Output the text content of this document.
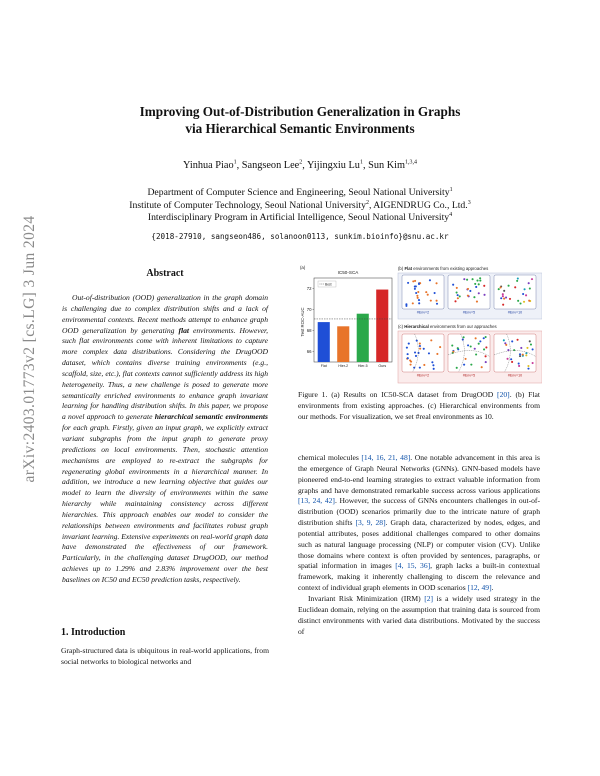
arXiv:2403.01773v2 [cs.LG] 3 Jun 2024
Improving Out-of-Distribution Generalization in Graphs
via Hierarchical Semantic Environments
Yinhua Piao$^1$, Sangseon Lee$^2$, Yijingxiu Lu$^1$, Sun Kim$^{1,3,4}$
Department of Computer Science and Engineering, Seoul National University$^1$
Institute of Computer Technology, Seoul National University$^2$, AIGENDRUG Co., Ltd.$^3$
Interdisciplinary Program in Artificial Intelligence, Seoul National University$^4$
{2018-27910, sangseon486, solanoon0113, sunkim.bioinfo}@snu.ac.kr
Abstract
Out-of-distribution (OOD) generalization in the graph domain is challenging due to complex distribution shifts and a lack of environmental contexts. Recent methods attempt to enhance graph OOD generalization by generating flat environments. However, such flat environments come with inherent limitations to capture more complex data distributions. Considering the DrugOOD dataset, which contains diverse training environments (e.g., scaffold, size, etc.), flat contexts cannot sufficiently address its high heterogeneity. Thus, a new challenge is posed to generate more semantically enriched environments to enhance graph invariant learning for handling distribution shifts. In this paper, we propose a novel approach to generate hierarchical semantic environments for each graph. Firstly, given an input graph, we explicitly extract variant subgraphs from the input graph to generate proxy predictions on local environments. Then, stochastic attention mechanisms are employed to re-extract the subgraphs for regenerating global environments in a hierarchical manner. In addition, we introduce a new learning objective that guides our model to learn the diversity of environments within the same hierarchy while maintaining consistency across different hierarchies. This approach enables our model to consider the relationships between environments and facilitates robust graph invariant learning. Extensive experiments on real-world graph data have demonstrated the effectiveness of our framework. Particularly, in the challenging dataset DrugOOD, our method achieves up to 1.29% and 2.83% improvement over the best baselines on IC50 and EC50 prediction tasks, respectively.
1. Introduction
Graph-structured data is ubiquitous in real-world applications, from social networks to biological networks and
(a)
IC50-SCA
Test ROC-AUC
66
68
70
72
Flat	Hier-2	Hier-5	Ours
Best
(b) Flat environments from existing approaches
#Env=2	#Env=5	#Env=10
(c) Hierarchical environments from our approaches
#Env=2	#Env=5	#Env=10
Figure 1. (a) Results on IC50-SCA dataset from DrugOOD [20]. (b) Flat environments from existing approaches. (c) Hierarchical environments from our methods. For visualization, we set #real environments as 10.

chemical molecules [14, 16, 21, 48]. One notable advancement in this area is the emergence of Graph Neural Networks (GNNs). GNN-based models have pioneered end-to-end learning strategies to extract valuable information from graphs and have demonstrated remarkable success across various applications [13, 24, 42]. However, the success of GNNs encounters challenges in out-of-distribution (OOD) scenarios primarily due to the intricate nature of graph distribution shifts [3, 9, 28]. Graph data, characterized by nodes, edges, and potential attributes, poses additional challenges compared to other domains such as natural language processing (NLP) or computer vision (CV). Unlike those domains where context is often provided by sentences, paragraphs, or spatial information in images [4, 15, 36], graph lacks a built-in contextual framework, making it inherently challenging to discern the relevance and context of individual graph elements in OOD scenarios [12, 49].

Invariant Risk Minimization (IRM) [2] is a widely used strategy in the Euclidean domain, relying on the assumption that training data is sourced from distinct environments with varied data distributions. Motivated by the success of
